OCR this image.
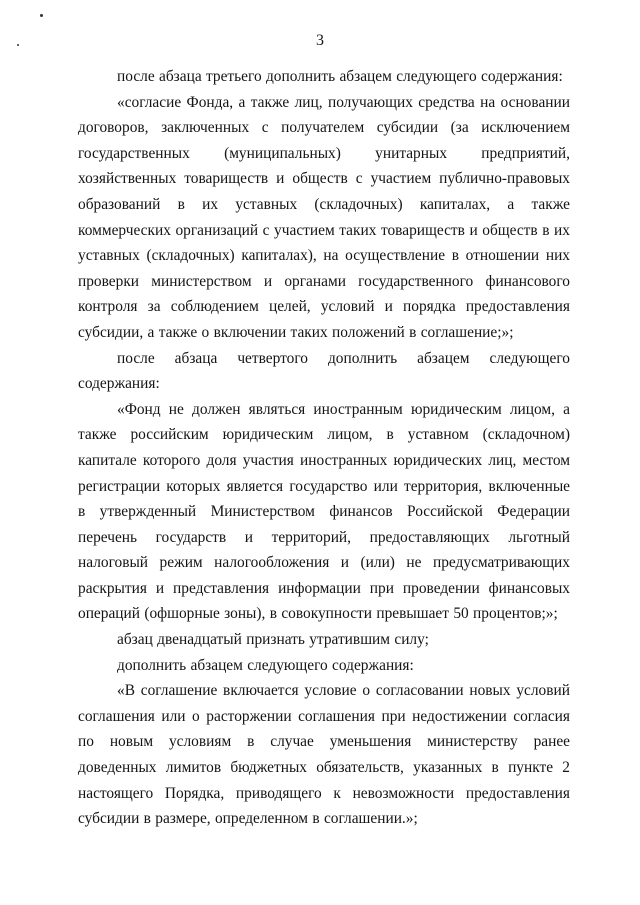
3

после абзаца третьего дополнить абзацем следующего содержания:

«согласие Фонда, а также лиц, получающих средства на основании договоров, заключенных с получателем субсидии (за исключением государственных (муниципальных) унитарных предприятий, хозяйственных товариществ и обществ с участием публично-правовых образований в их уставных (складочных) капиталах, а также коммерческих организаций с участием таких товариществ и обществ в их уставных (складочных) капиталах), на осуществление в отношении них проверки министерством и органами государственного финансового контроля за соблюдением целей, условий и порядка предоставления субсидии, а также о включении таких положений в соглашение;»;

после абзаца четвертого дополнить абзацем следующего содержания:

«Фонд не должен являться иностранным юридическим лицом, а также российским юридическим лицом, в уставном (складочном) капитале которого доля участия иностранных юридических лиц, местом регистрации которых является государство или территория, включенные в утвержденный Министерством финансов Российской Федерации перечень государств и территорий, предоставляющих льготный налоговый режим налогообложения и (или) не предусматривающих раскрытия и представления информации при проведении финансовых операций (офшорные зоны), в совокупности превышает 50 процентов;»;

абзац двенадцатый признать утратившим силу;

дополнить абзацем следующего содержания:

«В соглашение включается условие о согласовании новых условий соглашения или о расторжении соглашения при недостижении согласия по новым условиям в случае уменьшения министерству ранее доведенных лимитов бюджетных обязательств, указанных в пункте 2 настоящего Порядка, приводящего к невозможности предоставления субсидии в размере, определенном в соглашении.»;
